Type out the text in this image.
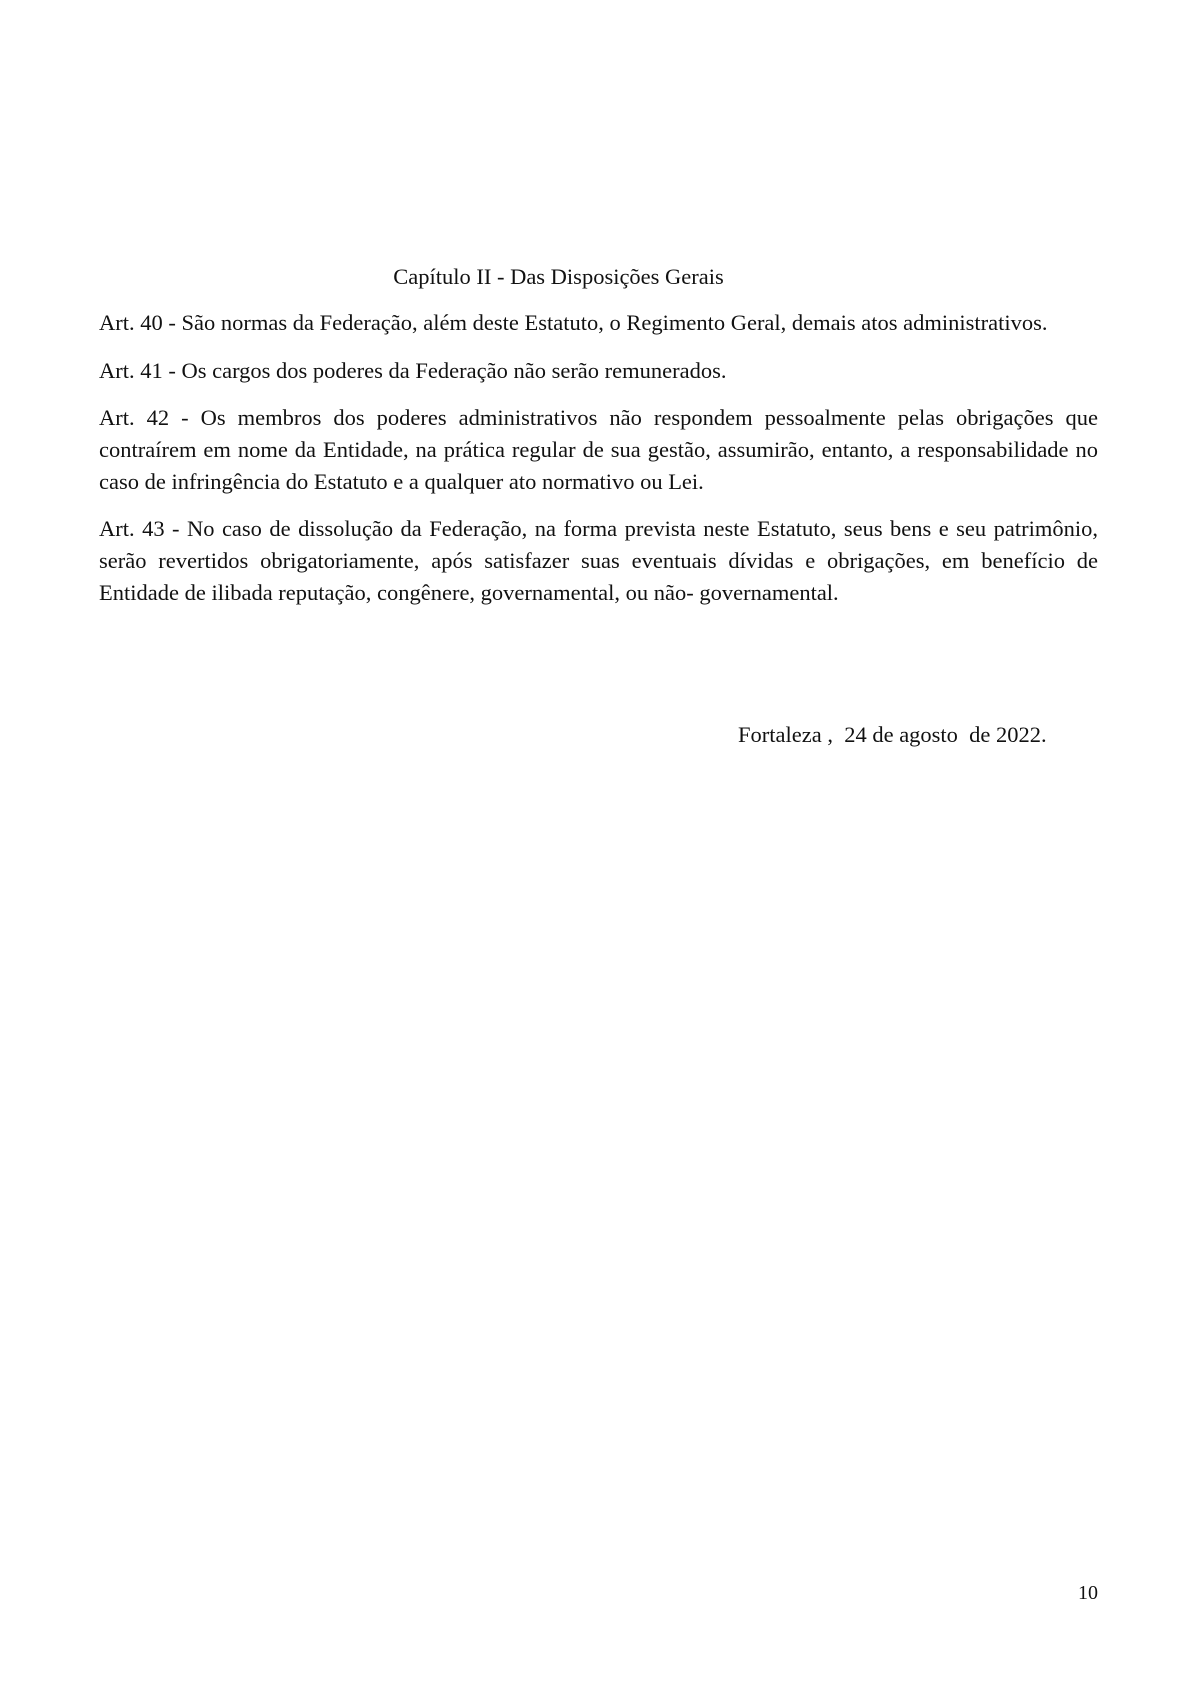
Capítulo II - Das Disposições Gerais

Art. 40 - São normas da Federação, além deste Estatuto, o Regimento Geral, demais atos administrativos.

Art. 41 - Os cargos dos poderes da Federação não serão remunerados.

Art. 42 - Os membros dos poderes administrativos não respondem pessoalmente pelas obrigações que contraírem em nome da Entidade, na prática regular de sua gestão, assumirão, entanto, a responsabilidade no caso de infringência do Estatuto e a qualquer ato normativo ou Lei.

Art. 43 - No caso de dissolução da Federação, na forma prevista neste Estatuto, seus bens e seu patrimônio, serão revertidos obrigatoriamente, após satisfazer suas eventuais dívidas e obrigações, em benefício de Entidade de ilibada reputação, congênere, governamental, ou não- governamental.

Fortaleza ,  24 de agosto  de 2022.

10
